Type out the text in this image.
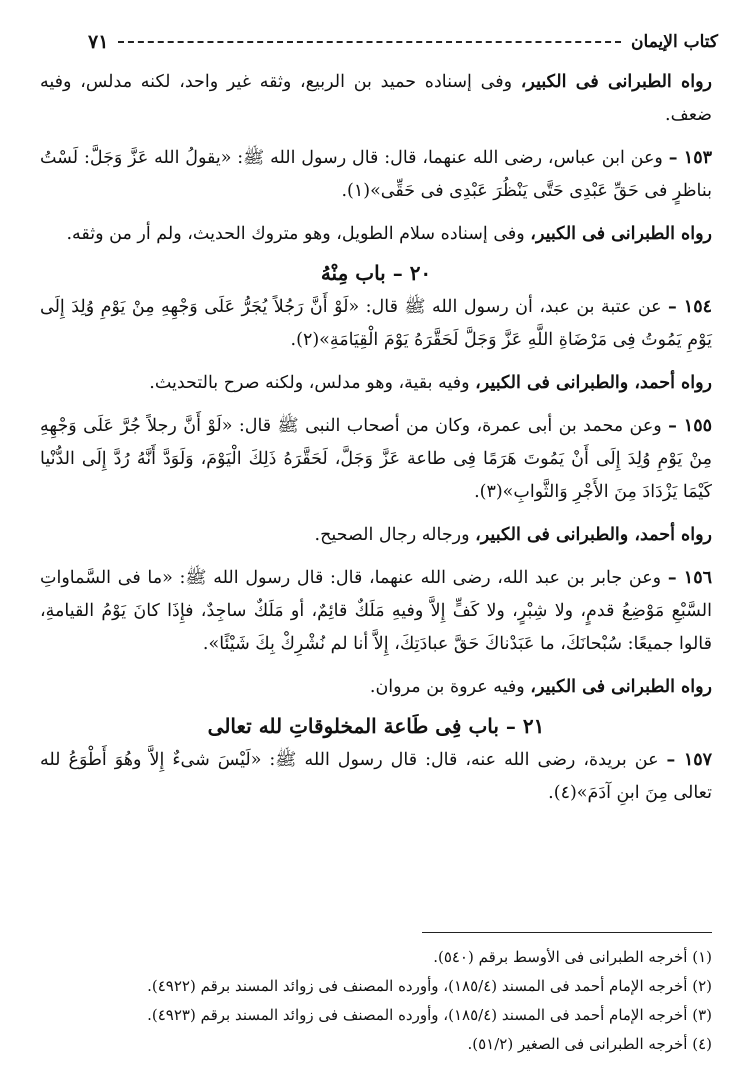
كتاب الإيمان
٧١

رواه الطبرانى فى الكبير، وفى إسناده حميد بن الربيع، وثقه غير واحد، لكنه مدلس، وفيه ضعف.

١٥٣ – وعن ابن عباس، رضى الله عنهما، قال: قال رسول الله ﷺ: «يقولُ الله عَزَّ وَجَلَّ: لَسْتُ بناظرٍ فى حَقِّ عَبْدِى حَتَّى يَنْظُرَ عَبْدِى فى حَقِّى»(١).

رواه الطبرانى فى الكبير، وفى إسناده سلام الطويل، وهو متروك الحديث، ولم أر من وثقه.

٢٠ – باب مِنْهُ

١٥٤ – عن عتبة بن عبد، أن رسول الله ﷺ قال: «لَوْ أَنَّ رَجُلاً يُجَرُّ عَلَى وَجْهِهِ مِنْ يَوْمِ وُلِدَ إِلَى يَوْمِ يَمُوتُ فِى مَرْضَاةِ اللَّهِ عَزَّ وَجَلَّ لَحَقَّرَهُ يَوْمَ الْقِيَامَةِ»(٢).

رواه أحمد، والطبرانى فى الكبير، وفيه بقية، وهو مدلس، ولكنه صرح بالتحديث.

١٥٥ – وعن محمد بن أبى عمرة، وكان من أصحاب النبى ﷺ قال: «لَوْ أَنَّ رجلاً جُرَّ عَلَى وَجْهِهِ مِنْ يَوْمِ وُلِدَ إِلَى أَنْ يَمُوتَ هَرَمًا فِى طاعة عَزَّ وَجَلَّ، لَحَقَّرَهُ ذَلِكَ الْيَوْمَ، وَلَوَدَّ أَنَّهُ رُدَّ إِلَى الدُّنْيا كَيْمَا يَزْدَادَ مِنَ الأَجْرِ وَالثَّوابِ»(٣).

رواه أحمد، والطبرانى فى الكبير، ورجاله رجال الصحيح.

١٥٦ – وعن جابر بن عبد الله، رضى الله عنهما، قال: قال رسول الله ﷺ: «ما فى السَّماواتِ السَّبْعِ مَوْضِعُ قدمٍ، ولا شِبْرٍ، ولا كَفٍّ إِلاَّ وفيهِ مَلَكٌ قائِمٌ، أو مَلَكٌ ساجِدٌ، فإِذَا كانَ يَوْمُ القيامةِ، قالوا جميعًا: سُبْحانَكَ، ما عَبَدْناكَ حَقَّ عبادَتِكَ، إِلاَّ أنا لم نُشْرِكْ بِكَ شَيْئًا».

رواه الطبرانى فى الكبير، وفيه عروة بن مروان.

٢١ – باب فِى طَاعة المخلوقاتِ لله تعالى

١٥٧ – عن بريدة، رضى الله عنه، قال: قال رسول الله ﷺ: «لَيْسَ شىءٌ إِلاَّ وهُوَ أَطْوَعُ لله تعالى مِنَ ابنِ آدَمَ»(٤).

(١) أخرجه الطبرانى فى الأوسط برقم (٥٤٠).
(٢) أخرجه الإمام أحمد فى المسند (١٨٥/٤)، وأورده المصنف فى زوائد المسند برقم (٤٩٢٢).
(٣) أخرجه الإمام أحمد فى المسند (١٨٥/٤)، وأورده المصنف فى زوائد المسند برقم (٤٩٢٣).
(٤) أخرجه الطبرانى فى الصغير (٥١/٢).
